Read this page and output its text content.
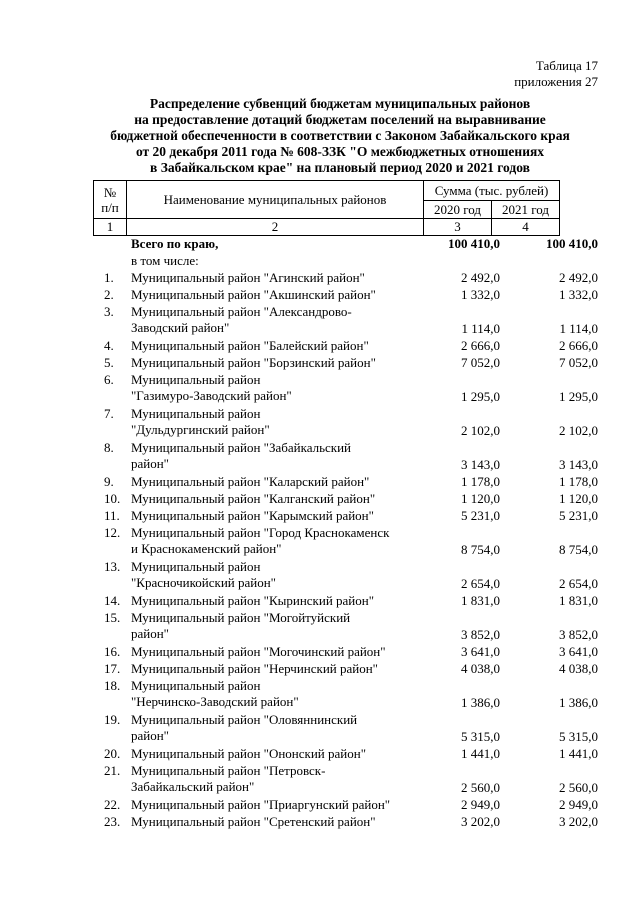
Таблица 17
приложения 27
Распределение субвенций бюджетам муниципальных районов
на предоставление дотаций бюджетам поселений на выравнивание
бюджетной обеспеченности в соответствии с Законом Забайкальского края
от 20 декабря 2011 года № 608-ЗЗК "О межбюджетных отношениях
в Забайкальском крае" на плановый период 2020 и 2021 годов
№
п/п	Наименование муниципальных районов	Сумма (тыс. рублей)	
		2020 год	2021 год
1	2	3	4
Всего по краю,	100 410,0	100 410,0
в том числе:
1.	Муниципальный район "Агинский район"	2 492,0	2 492,0
2.	Муниципальный район "Акшинский район"	1 332,0	1 332,0
3.	Муниципальный район "Александрово-
Заводский район"	1 114,0	1 114,0
4.	Муниципальный район "Балейский район"	2 666,0	2 666,0
5.	Муниципальный район "Борзинский район"	7 052,0	7 052,0
6.	Муниципальный район
"Газимуро-Заводский район"	1 295,0	1 295,0
7.	Муниципальный район
"Дульдургинский район"	2 102,0	2 102,0
8.	Муниципальный район "Забайкальский
район"	3 143,0	3 143,0
9.	Муниципальный район "Каларский район"	1 178,0	1 178,0
10. Муниципальный район "Калганский район"	1 120,0	1 120,0
11. Муниципальный район "Карымский район"	5 231,0	5 231,0
12. Муниципальный район "Город Краснокаменск
и Краснокаменский район"	8 754,0	8 754,0
13. Муниципальный район
"Красночикойский район"	2 654,0	2 654,0
14. Муниципальный район "Кыринский район"	1 831,0	1 831,0
15. Муниципальный район "Могойтуйский
район"	3 852,0	3 852,0
16. Муниципальный район "Могочинский район"	3 641,0	3 641,0
17. Муниципальный район "Нерчинский район"	4 038,0	4 038,0
18. Муниципальный район
"Нерчинско-Заводский район"	1 386,0	1 386,0
19. Муниципальный район "Оловяннинский
район"	5 315,0	5 315,0
20. Муниципальный район "Ононский район"	1 441,0	1 441,0
21. Муниципальный район "Петровск-
Забайкальский район"	2 560,0	2 560,0
22. Муниципальный район "Приаргунский район"	2 949,0	2 949,0
23. Муниципальный район "Сретенский район"	3 202,0	3 202,0
